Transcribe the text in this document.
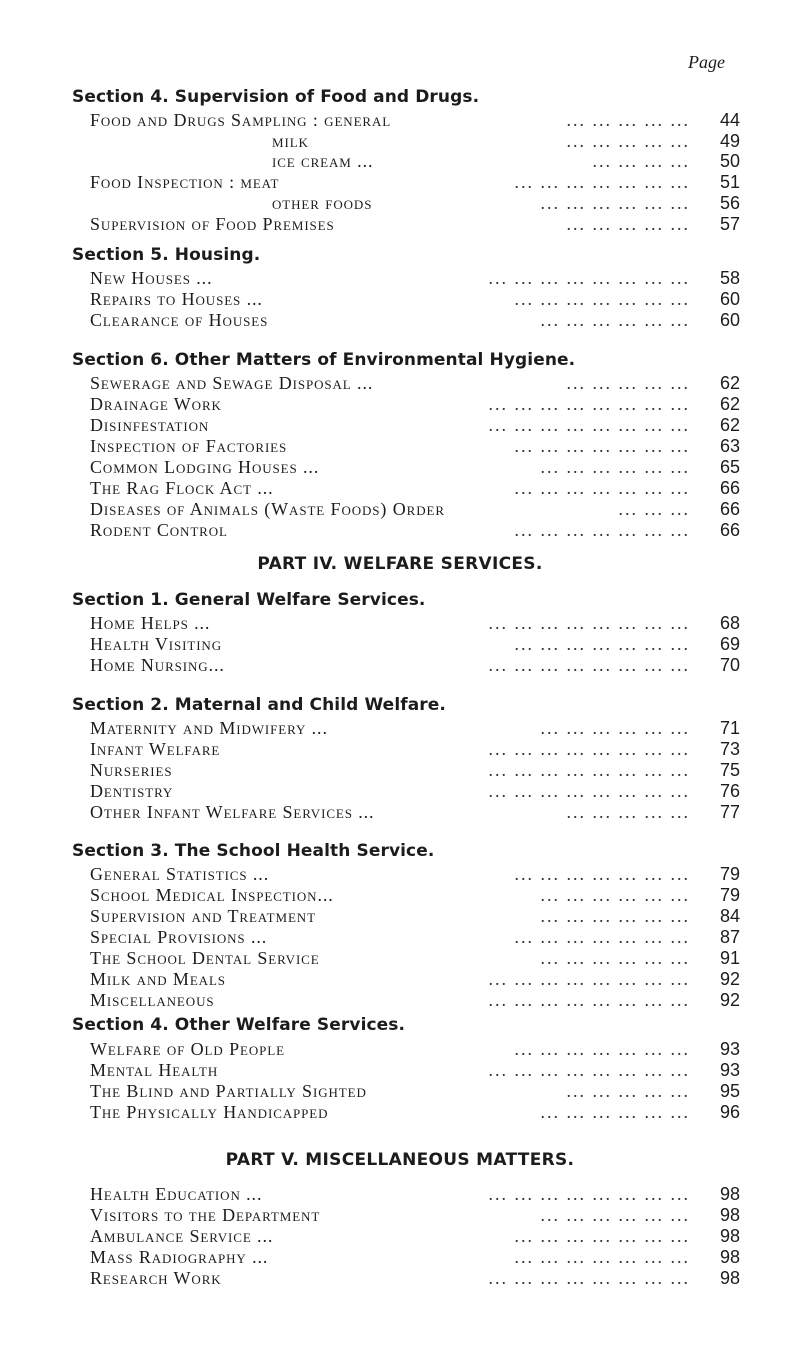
Page
Section 4. Supervision of Food and Drugs.
Food and Drugs Sampling : general	... ... ... ... ...	44
milk	... ... ... ... ...	49
ice cream ...	... ... ... ...	50
Food Inspection : meat	... ... ... ... ... ... ...	51
other foods	... ... ... ... ... ...	56
Supervision of Food Premises	... ... ... ... ...	57
Section 5. Housing.
New Houses ...	... ... ... ... ... ... ... ...	58
Repairs to Houses ...	... ... ... ... ... ... ...	60
Clearance of Houses	... ... ... ... ... ...	60
Section 6. Other Matters of Environmental Hygiene.
Sewerage and Sewage Disposal ...	... ... ... ... ...	62
Drainage Work	... ... ... ... ... ... ... ...	62
Disinfestation	... ... ... ... ... ... ... ...	62
Inspection of Factories	... ... ... ... ... ... ...	63
Common Lodging Houses ...	... ... ... ... ... ...	65
The Rag Flock Act ...	... ... ... ... ... ... ...	66
Diseases of Animals (Waste Foods) Order	... ... ...	66
Rodent Control	... ... ... ... ... ... ...	66
PART IV. WELFARE SERVICES.
Section 1. General Welfare Services.
Home Helps ...	... ... ... ... ... ... ... ...	68
Health Visiting	... ... ... ... ... ... ...	69
Home Nursing...	... ... ... ... ... ... ... ...	70
Section 2. Maternal and Child Welfare.
Maternity and Midwifery ...	... ... ... ... ... ...	71
Infant Welfare	... ... ... ... ... ... ... ...	73
Nurseries	... ... ... ... ... ... ... ...	75
Dentistry	... ... ... ... ... ... ... ...	76
Other Infant Welfare Services ...	... ... ... ... ...	77
Section 3. The School Health Service.
General Statistics ...	... ... ... ... ... ... ...	79
School Medical Inspection...	... ... ... ... ... ...	79
Supervision and Treatment	... ... ... ... ... ...	84
Special Provisions ...	... ... ... ... ... ... ...	87
The School Dental Service	... ... ... ... ... ...	91
Milk and Meals	... ... ... ... ... ... ... ...	92
Miscellaneous	... ... ... ... ... ... ... ...	92
Section 4. Other Welfare Services.
Welfare of Old People	... ... ... ... ... ... ...	93
Mental Health	... ... ... ... ... ... ... ...	93
The Blind and Partially Sighted	... ... ... ... ...	95
The Physically Handicapped	... ... ... ... ... ...	96
PART V. MISCELLANEOUS MATTERS.
Health Education ...	... ... ... ... ... ... ... ...	98
Visitors to the Department	... ... ... ... ... ...	98
Ambulance Service ...	... ... ... ... ... ... ...	98
Mass Radiography ...	... ... ... ... ... ... ...	98
Research Work	... ... ... ... ... ... ... ...	98
